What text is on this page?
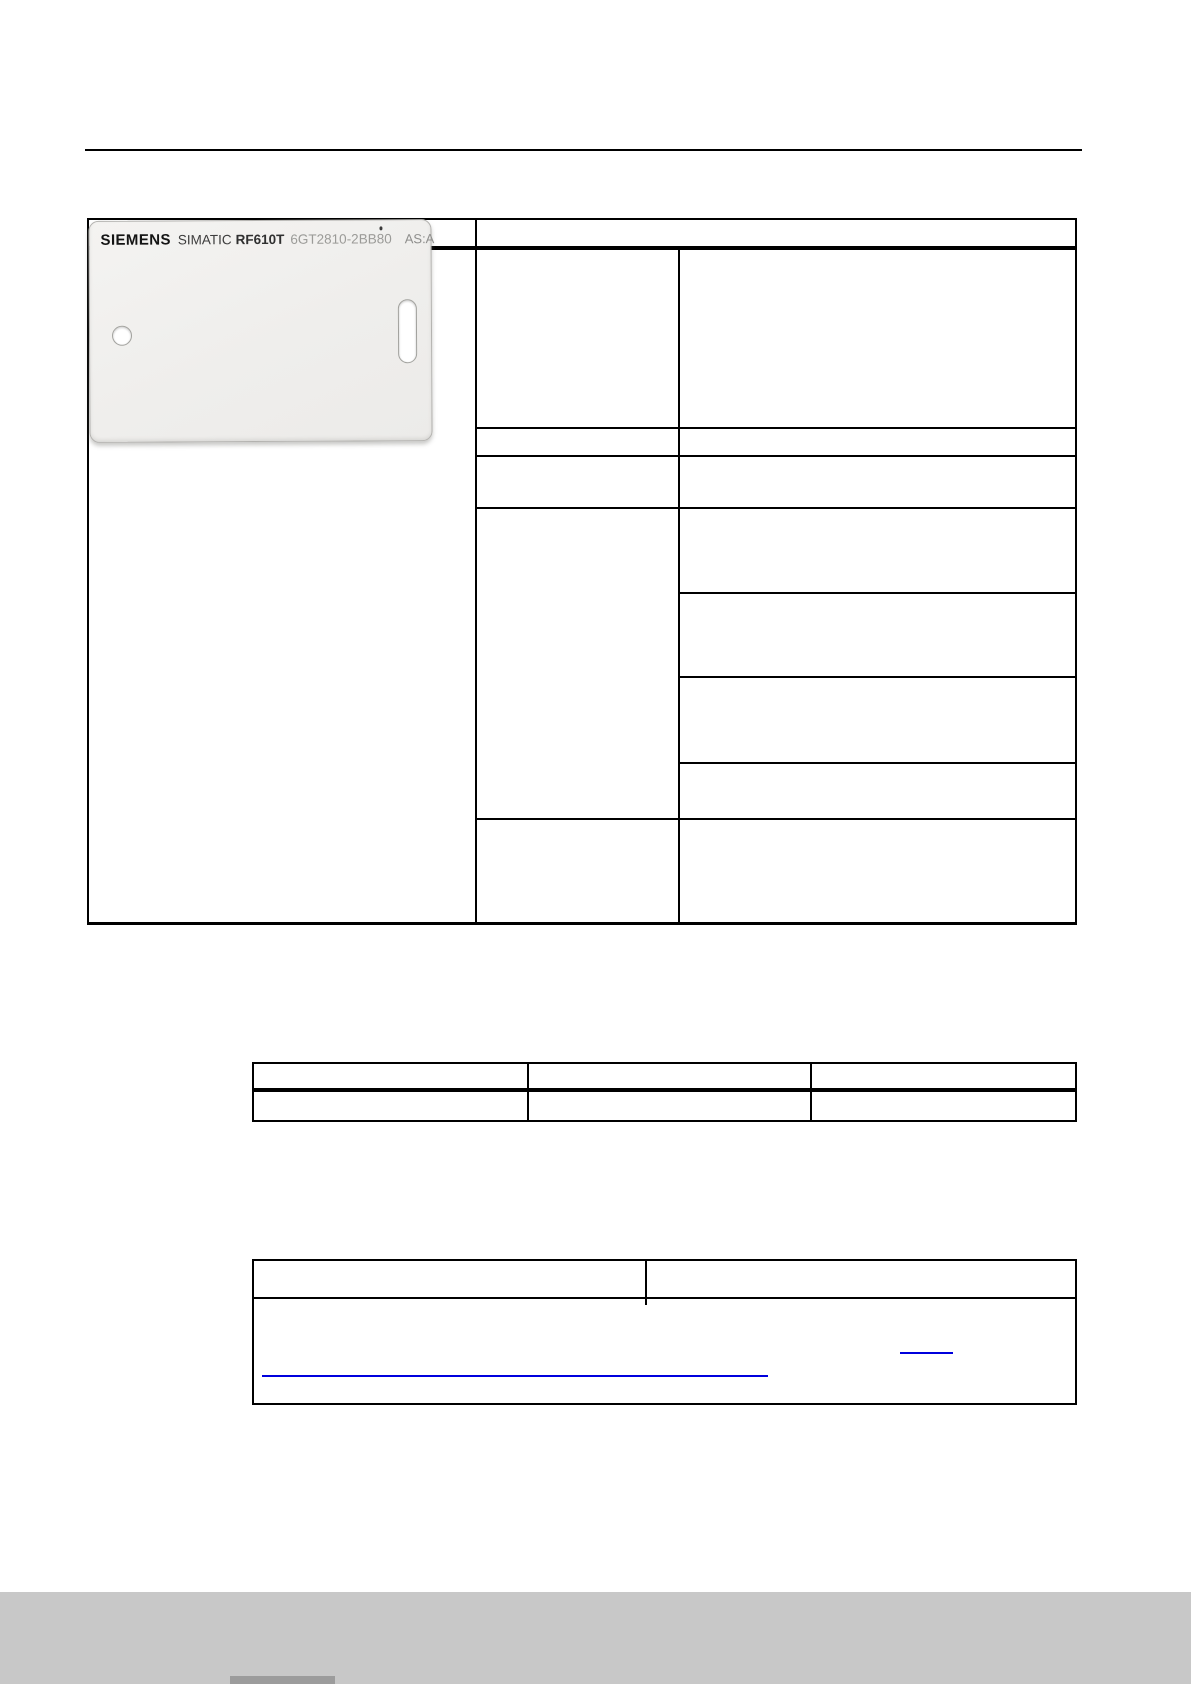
SIEMENS SIMATIC RF610T 6GT2810-2BB80 AS:A
